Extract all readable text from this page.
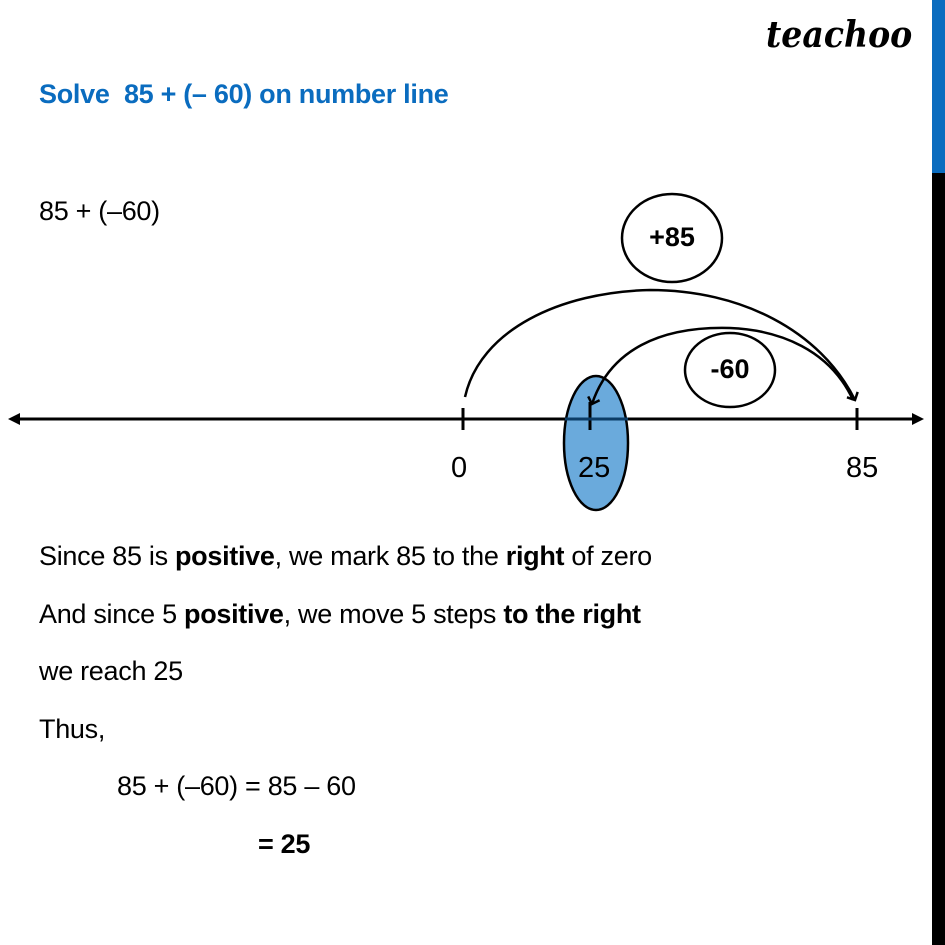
teachoo
Solve  85 + (– 60) on number line
85 + (–60)
+85
-60
0	25	85
Since 85 is positive, we mark 85 to the right of zero
And since 5 positive, we move 5 steps to the right
we reach 25
Thus,
85 + (–60) = 85 – 60
= 25
